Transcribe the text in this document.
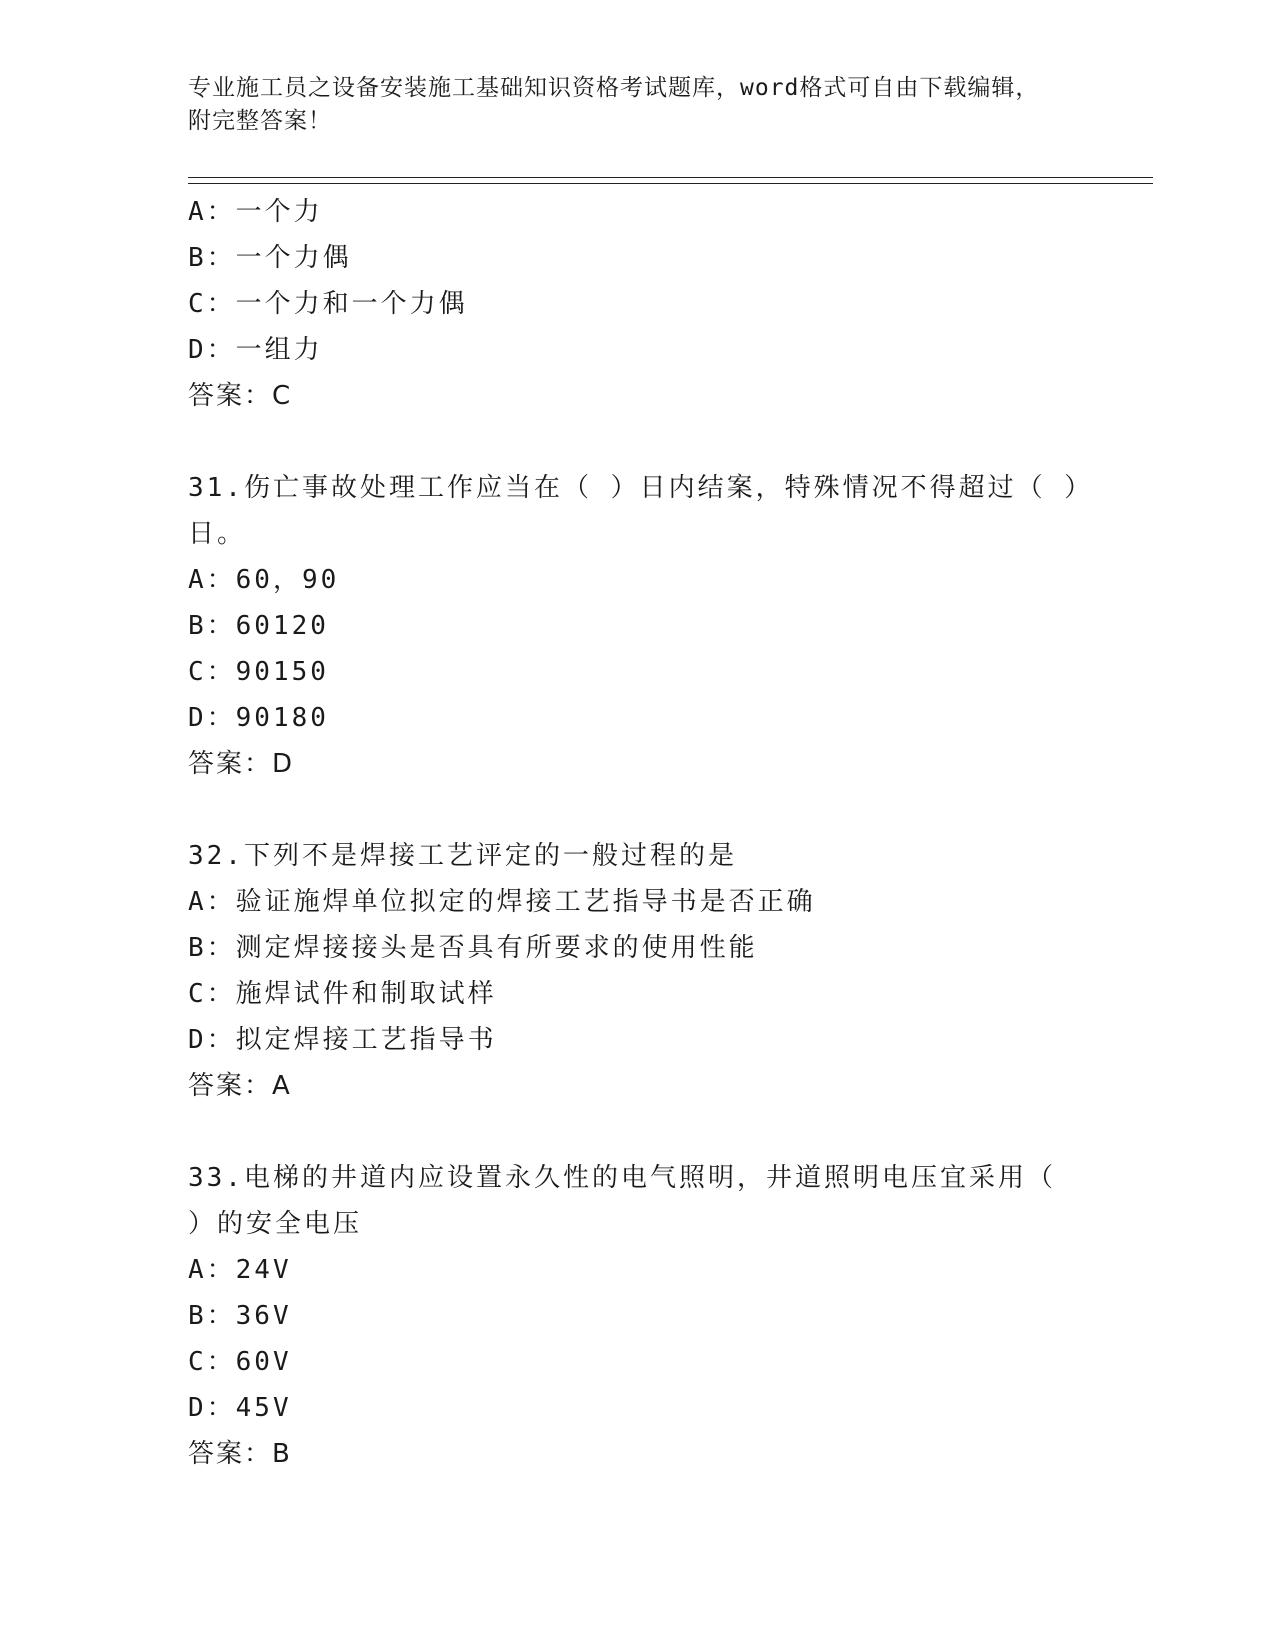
专业施工员之设备安装施工基础知识资格考试题库，word格式可自由下载编辑，
附完整答案！
A：一个力
B：一个力偶
C：一个力和一个力偶
D：一组力
答案：C
31.伤亡事故处理工作应当在（ ）日内结案，特殊情况不得超过（ ）
日。
A：60，90
B：60120
C：90150
D：90180
答案：D
32.下列不是焊接工艺评定的一般过程的是
A：验证施焊单位拟定的焊接工艺指导书是否正确
B：测定焊接接头是否具有所要求的使用性能
C：施焊试件和制取试样
D：拟定焊接工艺指导书
答案：A
33.电梯的井道内应设置永久性的电气照明，井道照明电压宜采用（
）的安全电压
A：24V
B：36V
C：60V
D：45V
答案：B
